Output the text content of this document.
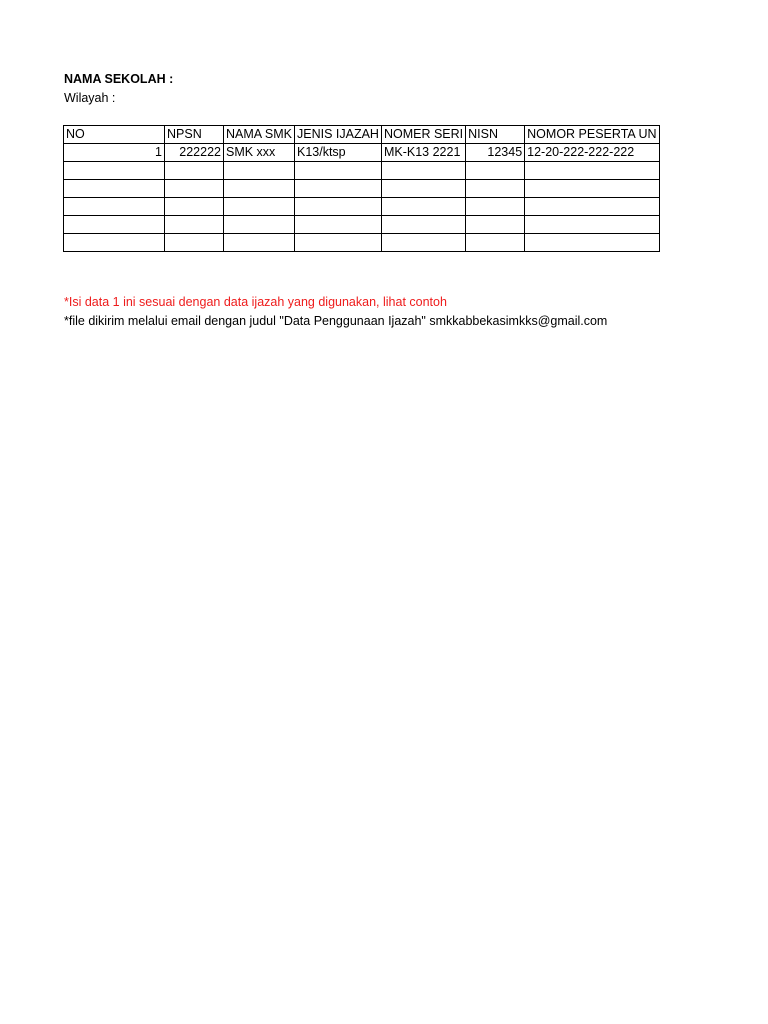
NAMA SEKOLAH :
Wilayah :
NO	NPSN	NAMA SMK	JENIS IJAZAH	NOMER SERI	NISN	NOMOR PESERTA UN
1	222222	SMK xxx	K13/ktsp	MK-K13 2221	12345	12-20-222-222-222

*Isi data 1 ini sesuai dengan data ijazah yang digunakan, lihat contoh
*file dikirim melalui email dengan judul "Data Penggunaan Ijazah" smkkabbekasimkks@gmail.com
